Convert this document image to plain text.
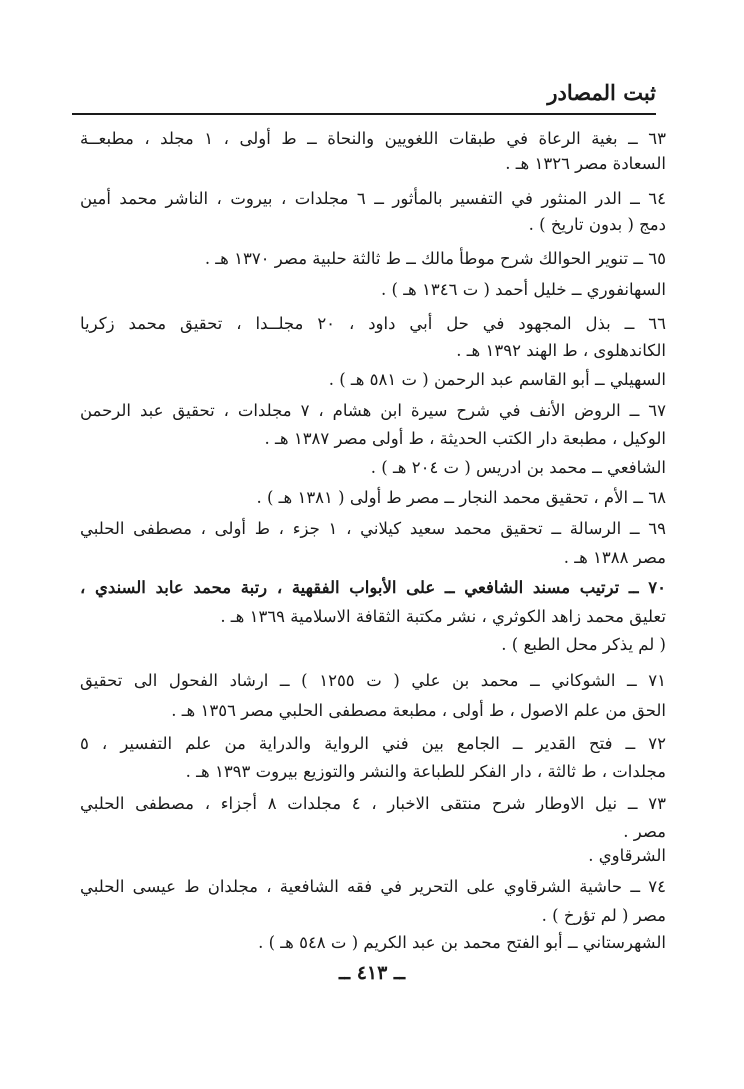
ثبت المصادر
٦٣ ــ بغية الرعاة في طبقات اللغويين والنحاة ــ ط أولى ، ١ مجلد ، مطبعــة
السعادة مصر ١٣٢٦ هـ .
٦٤ ــ الدر المنثور في التفسير بالمأثور ــ ٦ مجلدات ، بيروت ، الناشر محمد أمين
دمج ( بدون تاريخ ) .
٦٥ ــ تنوير الحوالك شرح موطأ مالك ــ ط ثالثة حلبية مصر ١٣٧٠ هـ .
السهانفوري ــ خليل أحمد ( ت ١٣٤٦ هـ ) .
٦٦ ــ بذل المجهود في حل أبي داود ، ٢٠ مجلــدا ، تحقيق محمد زكريا
الكاندهلوى ، ط الهند ١٣٩٢ هـ .
السهيلي ــ أبو القاسم عبد الرحمن ( ت ٥٨١ هـ ) .
٦٧ ــ الروض الأنف في شرح سيرة ابن هشام ، ٧ مجلدات ، تحقيق عبد الرحمن
الوكيل ، مطبعة دار الكتب الحديثة ، ط أولى مصر ١٣٨٧ هـ .
الشافعي ــ محمد بن ادريس ( ت ٢٠٤ هـ ) .
٦٨ ــ الأم ، تحقيق محمد النجار ــ مصر ط أولى ( ١٣٨١ هـ ) .
٦٩ ــ الرسالة ــ تحقيق محمد سعيد كيلاني ، ١ جزء ، ط أولى ، مصطفى الحلبي
مصر ١٣٨٨ هـ .
٧٠ ــ ترتيب مسند الشافعي ــ على الأبواب الفقهية ، رتبة محمد عابد السندي ،
تعليق محمد زاهد الكوثري ، نشر مكتبة الثقافة الاسلامية ١٣٦٩ هـ .
( لم يذكر محل الطبع ) .
٧١ ــ الشوكاني ــ محمد بن علي ( ت ١٢٥٥ ) ــ ارشاد الفحول الى تحقيق
الحق من علم الاصول ، ط أولى ، مطبعة مصطفى الحلبي مصر ١٣٥٦ هـ .
٧٢ ــ فتح القدير ــ الجامع بين فني الرواية والدراية من علم التفسير ، ٥
مجلدات ، ط ثالثة ، دار الفكر للطباعة والنشر والتوزيع بيروت ١٣٩٣ هـ .
٧٣ ــ نيل الاوطار شرح منتقى الاخبار ، ٤ مجلدات ٨ أجزاء ، مصطفى الحلبي
مصر .
الشرقاوي .
٧٤ ــ حاشية الشرقاوي على التحرير في فقه الشافعية ، مجلدان ط عيسى الحلبي
مصر ( لم تؤرخ ) .
الشهرستاني ــ أبو الفتح محمد بن عبد الكريم ( ت ٥٤٨ هـ ) .
ــ ٤١٣ ــ
